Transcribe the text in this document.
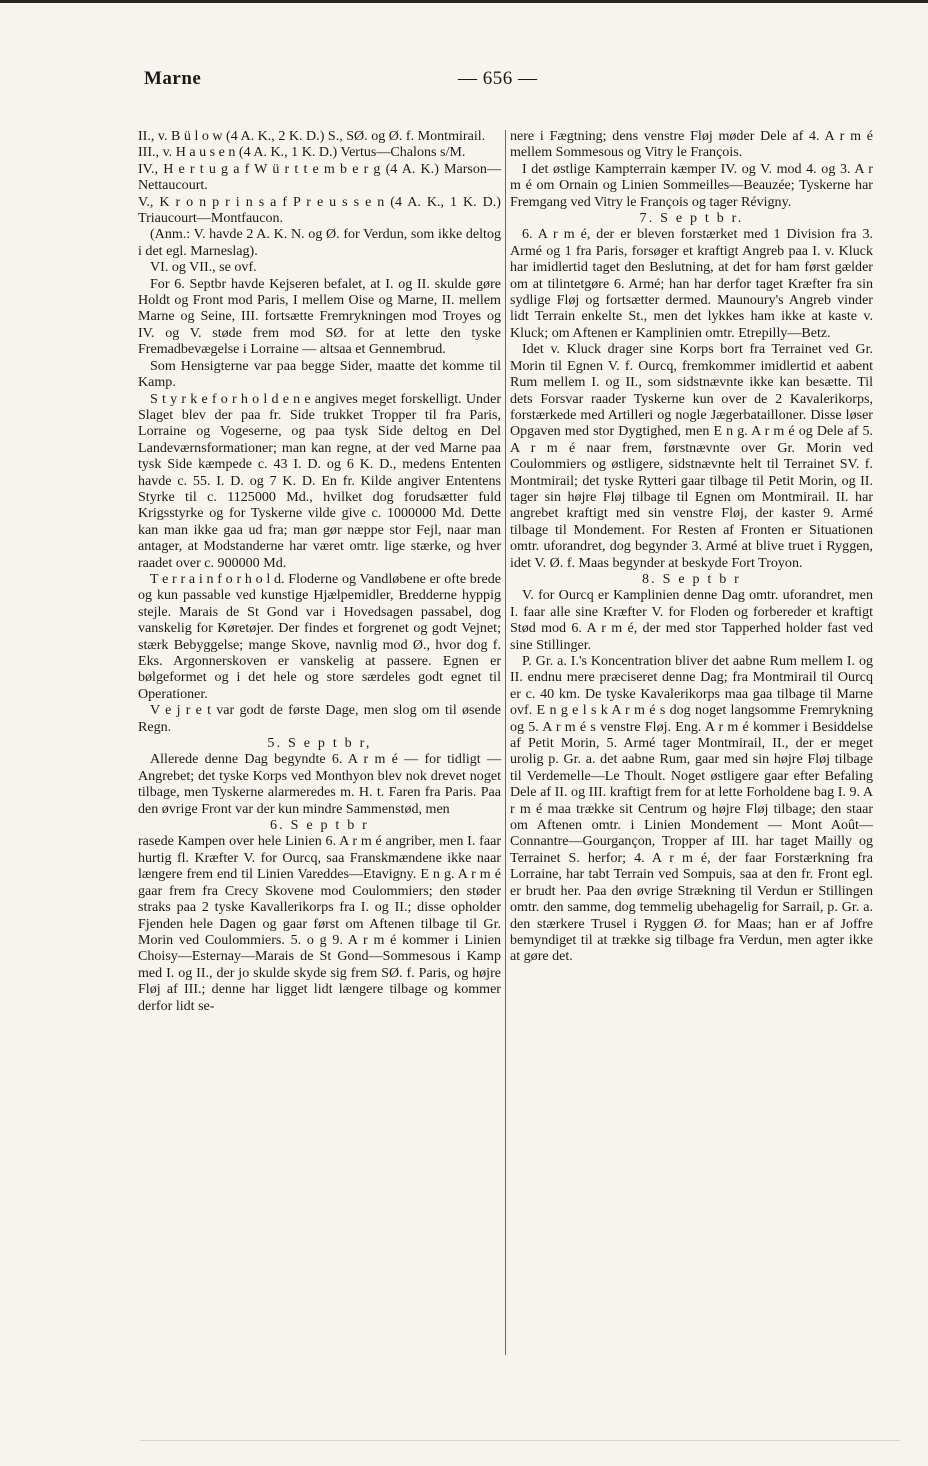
Marne	— 656 —

II., v. B ü l o w (4 A. K., 2 K. D.) S., SØ. og Ø. f. Montmirail.

III., v. H a u s e n (4 A. K., 1 K. D.) Vertus—Chalons s/M.

IV., H e r t u g a f W ü r t t e m b e r g (4 A. K.) Marson—Nettaucourt.

V., K r o n p r i n s a f P r e u s s e n (4 A. K., 1 K. D.) Triaucourt—Montfaucon.

(Anm.: V. havde 2 A. K. N. og Ø. for Verdun, som ikke deltog i det egl. Marneslag).

VI. og VII., se ovf.

For 6. Septbr havde Kejseren befalet, at I. og II. skulde gøre Holdt og Front mod Paris, I mellem Oise og Marne, II. mellem Marne og Seine, III. fortsætte Fremrykningen mod Troyes og IV. og V. støde frem mod SØ. for at lette den tyske Fremadbevægelse i Lorraine — altsaa et Gennembrud.

Som Hensigterne var paa begge Sider, maatte det komme til Kamp.

S t y r k e f o r h o l d e n e angives meget forskelligt. Under Slaget blev der paa fr. Side trukket Tropper til fra Paris, Lorraine og Vogeserne, og paa tysk Side deltog en Del Landeværnsformationer; man kan regne, at der ved Marne paa tysk Side kæmpede c. 43 I. D. og 6 K. D., medens Ententen havde c. 55. I. D. og 7 K. D. En fr. Kilde angiver Ententens Styrke til c. 1125000 Md., hvilket dog forudsætter fuld Krigsstyrke og for Tyskerne vilde give c. 1000000 Md. Dette kan man ikke gaa ud fra; man gør næppe stor Fejl, naar man antager, at Modstanderne har været omtr. lige stærke, og hver raadet over c. 900000 Md.

T e r r a i n f o r h o l d. Floderne og Vandløbene er ofte brede og kun passable ved kunstige Hjælpemidler, Bredderne hyppig stejle. Marais de St Gond var i Hovedsagen passabel, dog vanskelig for Køretøjer. Der findes et forgrenet og godt Vejnet; stærk Bebyggelse; mange Skove, navnlig mod Ø., hvor dog f. Eks. Argonnerskoven er vanskelig at passere. Egnen er bølgeformet og i det hele og store særdeles godt egnet til Operationer.

V e j r e t var godt de første Dage, men slog om til øsende Regn.

5. S e p t b r,

Allerede denne Dag begyndte 6. A r m é — for tidligt — Angrebet; det tyske Korps ved Monthyon blev nok drevet noget tilbage, men Tyskerne alarmeredes m. H. t. Faren fra Paris. Paa den øvrige Front var der kun mindre Sammenstød, men

6. S e p t b r

rasede Kampen over hele Linien 6. A r m é angriber, men I. faar hurtig fl. Kræfter V. for Ourcq, saa Franskmændene ikke naar længere frem end til Linien Vareddes—Etavigny. E n g. A r m é gaar frem fra Crecy Skovene mod Coulommiers; den støder straks paa 2 tyske Kavallerikorps fra I. og II.; disse opholder Fjenden hele Dagen og gaar først om Aftenen tilbage til Gr. Morin ved Coulommiers. 5. o g 9. A r m é kommer i Linien Choisy—Esternay—Marais de St Gond—Sommesous i Kamp med I. og II., der jo skulde skyde sig frem SØ. f. Paris, og højre Fløj af III.; denne har ligget lidt længere tilbage og kommer derfor lidt se-

nere i Fægtning; dens venstre Fløj møder Dele af 4. A r m é mellem Sommesous og Vitry le François.

I det østlige Kampterrain kæmper IV. og V. mod 4. og 3. A r m é om Ornain og Linien Sommeilles—Beauzée; Tyskerne har Fremgang ved Vitry le François og tager Révigny.

7. S e p t b r.

6. A r m é, der er bleven forstærket med 1 Division fra 3. Armé og 1 fra Paris, forsøger et kraftigt Angreb paa I. v. Kluck har imidlertid taget den Beslutning, at det for ham først gælder om at tilintetgøre 6. Armé; han har derfor taget Kræfter fra sin sydlige Fløj og fortsætter dermed. Maunoury's Angreb vinder lidt Terrain enkelte St., men det lykkes ham ikke at kaste v. Kluck; om Aftenen er Kamplinien omtr. Etrepilly—Betz.

Idet v. Kluck drager sine Korps bort fra Terrainet ved Gr. Morin til Egnen V. f. Ourcq, fremkommer imidlertid et aabent Rum mellem I. og II., som sidstnævnte ikke kan besætte. Til dets Forsvar raader Tyskerne kun over de 2 Kavalerikorps, forstærkede med Artilleri og nogle Jægerbatailloner. Disse løser Opgaven med stor Dygtighed, men E n g. A r m é og Dele af 5. A r m é naar frem, førstnævnte over Gr. Morin ved Coulommiers og østligere, sidstnævnte helt til Terrainet SV. f. Montmirail; det tyske Rytteri gaar tilbage til Petit Morin, og II. tager sin højre Fløj tilbage til Egnen om Montmirail. II. har angrebet kraftigt med sin venstre Fløj, der kaster 9. Armé tilbage til Mondement. For Resten af Fronten er Situationen omtr. uforandret, dog begynder 3. Armé at blive truet i Ryggen, idet V. Ø. f. Maas begynder at beskyde Fort Troyon.

8. S e p t b r

V. for Ourcq er Kamplinien denne Dag omtr. uforandret, men I. faar alle sine Kræfter V. for Floden og forbereder et kraftigt Stød mod 6. A r m é, der med stor Tapperhed holder fast ved sine Stillinger.

P. Gr. a. I.'s Koncentration bliver det aabne Rum mellem I. og II. endnu mere præciseret denne Dag; fra Montmirail til Ourcq er c. 40 km. De tyske Kavalerikorps maa gaa tilbage til Marne ovf. E n g e l s k A r m é s dog noget langsomme Fremrykning og 5. A r m é s venstre Fløj. Eng. A r m é kommer i Besiddelse af Petit Morin, 5. Armé tager Montmirail, II., der er meget urolig p. Gr. a. det aabne Rum, gaar med sin højre Fløj tilbage til Verdemelle—Le Thoult. Noget østligere gaar efter Befaling Dele af II. og III. kraftigt frem for at lette Forholdene bag I. 9. A r m é maa trække sit Centrum og højre Fløj tilbage; den staar om Aftenen omtr. i Linien Mondement — Mont Août—Connantre—Gourgançon, Tropper af III. har taget Mailly og Terrainet S. herfor; 4. A r m é, der faar Forstærkning fra Lorraine, har tabt Terrain ved Sompuis, saa at den fr. Front egl. er brudt her. Paa den øvrige Strækning til Verdun er Stillingen omtr. den samme, dog temmelig ubehagelig for Sarrail, p. Gr. a. den stærkere Trusel i Ryggen Ø. for Maas; han er af Joffre bemyndiget til at trække sig tilbage fra Verdun, men agter ikke at gøre det.
